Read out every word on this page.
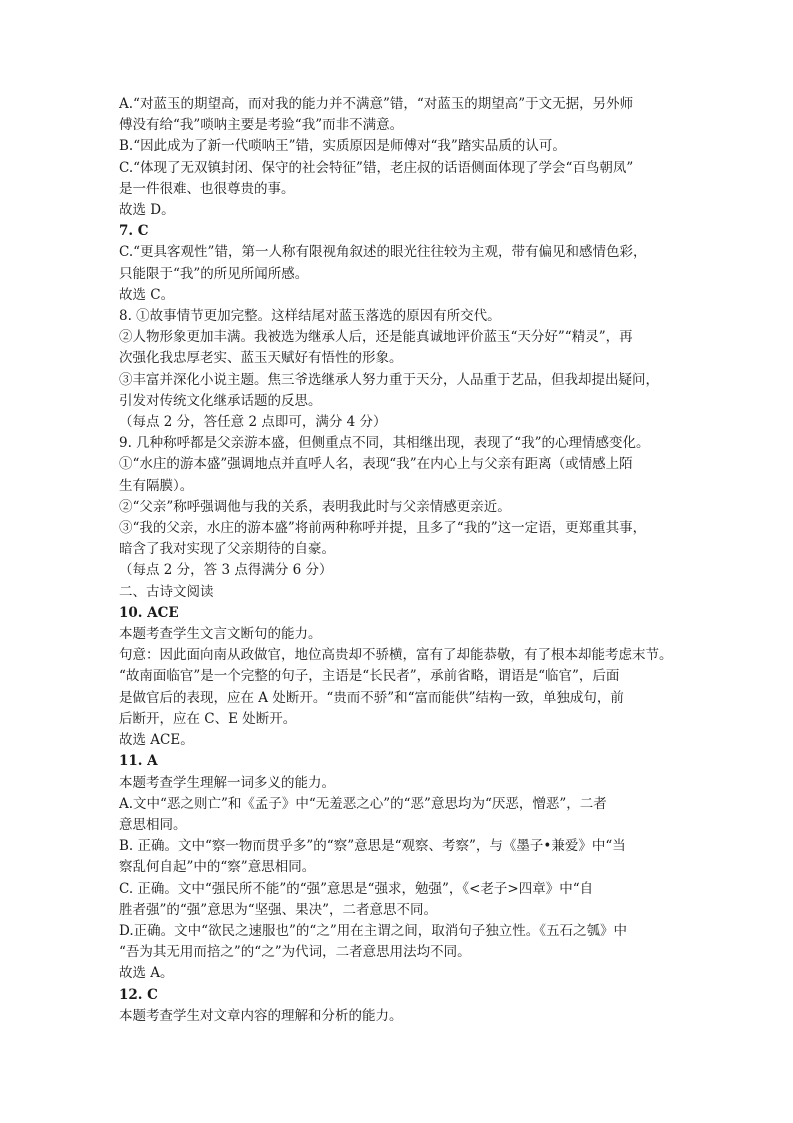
A.“对蓝玉的期望高，而对我的能力并不满意”错，“对蓝玉的期望高”于文无据，另外师

傅没有给“我”唢呐主要是考验“我”而非不满意。

B.“因此成为了新一代唢呐王”错，实质原因是师傅对“我”踏实品质的认可。

C.“体现了无双镇封闭、保守的社会特征”错，老庄叔的话语侧面体现了学会“百鸟朝凤”

是一件很难、也很尊贵的事。

故选 D。

7. C

C.“更具客观性”错，第一人称有限视角叙述的眼光往往较为主观，带有偏见和感情色彩，

只能限于“我”的所见所闻所感。

故选 C。

8. ①故事情节更加完整。这样结尾对蓝玉落选的原因有所交代。

②人物形象更加丰满。我被选为继承人后，还是能真诚地评价蓝玉“天分好”“精灵”，再

次强化我忠厚老实、蓝玉天赋好有悟性的形象。

③丰富并深化小说主题。焦三爷选继承人努力重于天分，人品重于艺品，但我却提出疑问，

引发对传统文化继承话题的反思。

（每点 2 分，答任意 2 点即可，满分 4 分）

9. 几种称呼都是父亲游本盛，但侧重点不同，其相继出现，表现了“我”的心理情感变化。

①“水庄的游本盛”强调地点并直呼人名，表现“我”在内心上与父亲有距离（或情感上陌

生有隔膜）。

②“父亲”称呼强调他与我的关系，表明我此时与父亲情感更亲近。

③“我的父亲，水庄的游本盛”将前两种称呼并提，且多了“我的”这一定语，更郑重其事，

暗含了我对实现了父亲期待的自豪。

（每点 2 分，答 3 点得满分 6 分）

二、古诗文阅读

10. ACE

本题考查学生文言文断句的能力。

句意：因此面向南从政做官，地位高贵却不骄横，富有了却能恭敬，有了根本却能考虑末节。

“故南面临官”是一个完整的句子，主语是“长民者”，承前省略，谓语是“临官”，后面

是做官后的表现，应在 A 处断开。“贵而不骄”和“富而能供”结构一致，单独成句，前

后断开，应在 C、E 处断开。

故选 ACE。

11. A

本题考查学生理解一词多义的能力。

A.文中“恶之则亡”和《孟子》中“无羞恶之心”的“恶”意思均为“厌恶，憎恶”，二者

意思相同。

B. 正确。文中“察一物而贯乎多”的“察”意思是“观察、考察”，与《墨子•兼爱》中“当

察乱何自起”中的“察”意思相同。

C. 正确。文中“强民所不能”的“强”意思是“强求，勉强”，《<老子>四章》中“自

胜者强”的“强”意思为“坚强、果决”，二者意思不同。

D.正确。文中“欲民之速服也”的“之”用在主谓之间，取消句子独立性。《五石之瓠》中

“吾为其无用而掊之”的“之”为代词，二者意思用法均不同。

故选 A。

12. C

本题考查学生对文章内容的理解和分析的能力。
